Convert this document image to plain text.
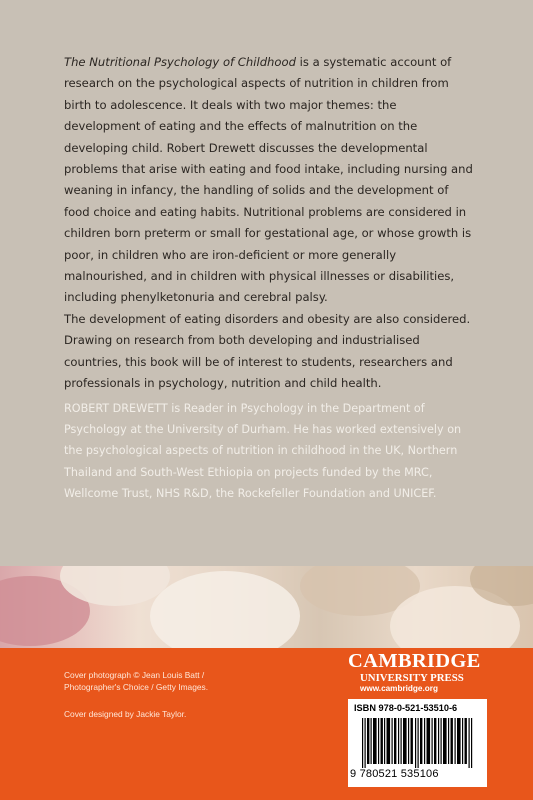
The Nutritional Psychology of Childhood is a systematic account of research on the psychological aspects of nutrition in children from birth to adolescence. It deals with two major themes: the development of eating and the effects of malnutrition on the developing child. Robert Drewett discusses the developmental problems that arise with eating and food intake, including nursing and weaning in infancy, the handling of solids and the development of food choice and eating habits. Nutritional problems are considered in children born preterm or small for gestational age, or whose growth is poor, in children who are iron-deficient or more generally malnourished, and in children with physical illnesses or disabilities, including phenylketonuria and cerebral palsy.

The development of eating disorders and obesity are also considered. Drawing on research from both developing and industrialised countries, this book will be of interest to students, researchers and professionals in psychology, nutrition and child health.

ROBERT DREWETT is Reader in Psychology in the Department of Psychology at the University of Durham. He has worked extensively on the psychological aspects of nutrition in childhood in the UK, Northern Thailand and South-West Ethiopia on projects funded by the MRC, Wellcome Trust, NHS R&D, the Rockefeller Foundation and UNICEF.
Cover photograph © Jean Louis Batt /
Photographer's Choice / Getty Images.
Cover designed by Jackie Taylor.
CAMBRIDGE
UNIVERSITY PRESS
www.cambridge.org
ISBN 978-0-521-53510-6
9 780521 535106
